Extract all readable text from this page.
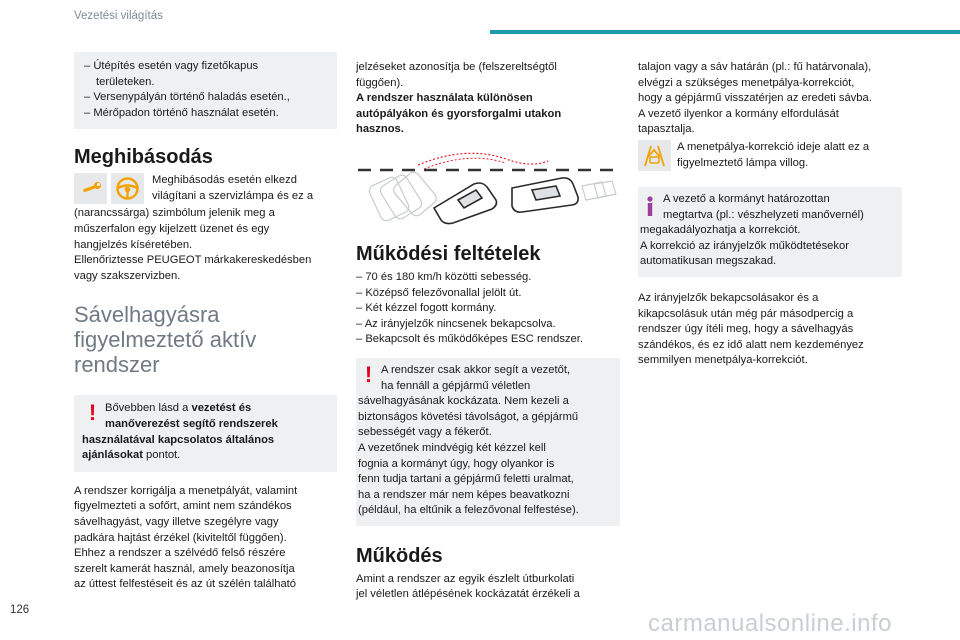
Vezetési világítás
– Útépítés esetén vagy fizetőkapus
területeken.
– Versenypályán történő haladás esetén.,
– Mérőpadon történő használat esetén.
Meghibásodás
Meghibásodás esetén elkezd
világítani a szervizlámpa és ez a
(narancssárga) szimbólum jelenik meg a
műszerfalon egy kijelzett üzenet és egy
hangjelzés kíséretében.
Ellenőriztesse PEUGEOT márkakereskedésben
vagy szakszervizben.
Sávelhagyásra
figyelmeztető aktív
rendszer
! Bővebben lásd a vezetést és
manőverezést segítő rendszerek
használatával kapcsolatos általános
ajánlásokat pontot.
A rendszer korrigálja a menetpályát, valamint
figyelmezteti a sofőrt, amint nem szándékos
sávelhagyást, vagy illetve szegélyre vagy
padkára hajtást érzékel (kiviteltől függően).
Ehhez a rendszer a szélvédő felső részére
szerelt kamerát használ, amely beazonosítja
az úttest felfestéseit és az út szélén található
jelzéseket azonosítja be (felszereltségtől
függően).
A rendszer használata különösen
autópályákon és gyorsforgalmi utakon
hasznos.
Működési feltételek
– 70 és 180 km/h közötti sebesség.
– Középső felezővonallal jelölt út.
– Két kézzel fogott kormány.
– Az irányjelzők nincsenek bekapcsolva.
– Bekapcsolt és működőképes ESC rendszer.
! A rendszer csak akkor segít a vezetőt,
ha fennáll a gépjármű véletlen
sávelhagyásának kockázata. Nem kezeli a
biztonságos követési távolságot, a gépjármű
sebességét vagy a fékerőt.
A vezetőnek mindvégig két kézzel kell
fognia a kormányt úgy, hogy olyankor is
fenn tudja tartani a gépjármű feletti uralmat,
ha a rendszer már nem képes beavatkozni
(például, ha eltűnik a felezővonal felfestése).
Működés
Amint a rendszer az egyik észlelt útburkolati
jel véletlen átlépésének kockázatát érzékeli a
talajon vagy a sáv határán (pl.: fű határvonala),
elvégzi a szükséges menetpálya-korrekciót,
hogy a gépjármű visszatérjen az eredeti sávba.
A vezető ilyenkor a kormány elfordulását
tapasztalja.
A menetpálya-korrekció ideje alatt ez a
figyelmeztető lámpa villog.
A vezető a kormányt határozottan
megtartva (pl.: vészhelyzeti manővernél)
megakadályozhatja a korrekciót.
A korrekció az irányjelzők működtetésekor
automatikusan megszakad.
Az irányjelzők bekapcsolásakor és a
kikapcsolásuk után még pár másodpercig a
rendszer úgy ítéli meg, hogy a sávelhagyás
szándékos, és ez idő alatt nem kezdeményez
semmilyen menetpálya-korrekciót.
126	carmanualsonline.info
